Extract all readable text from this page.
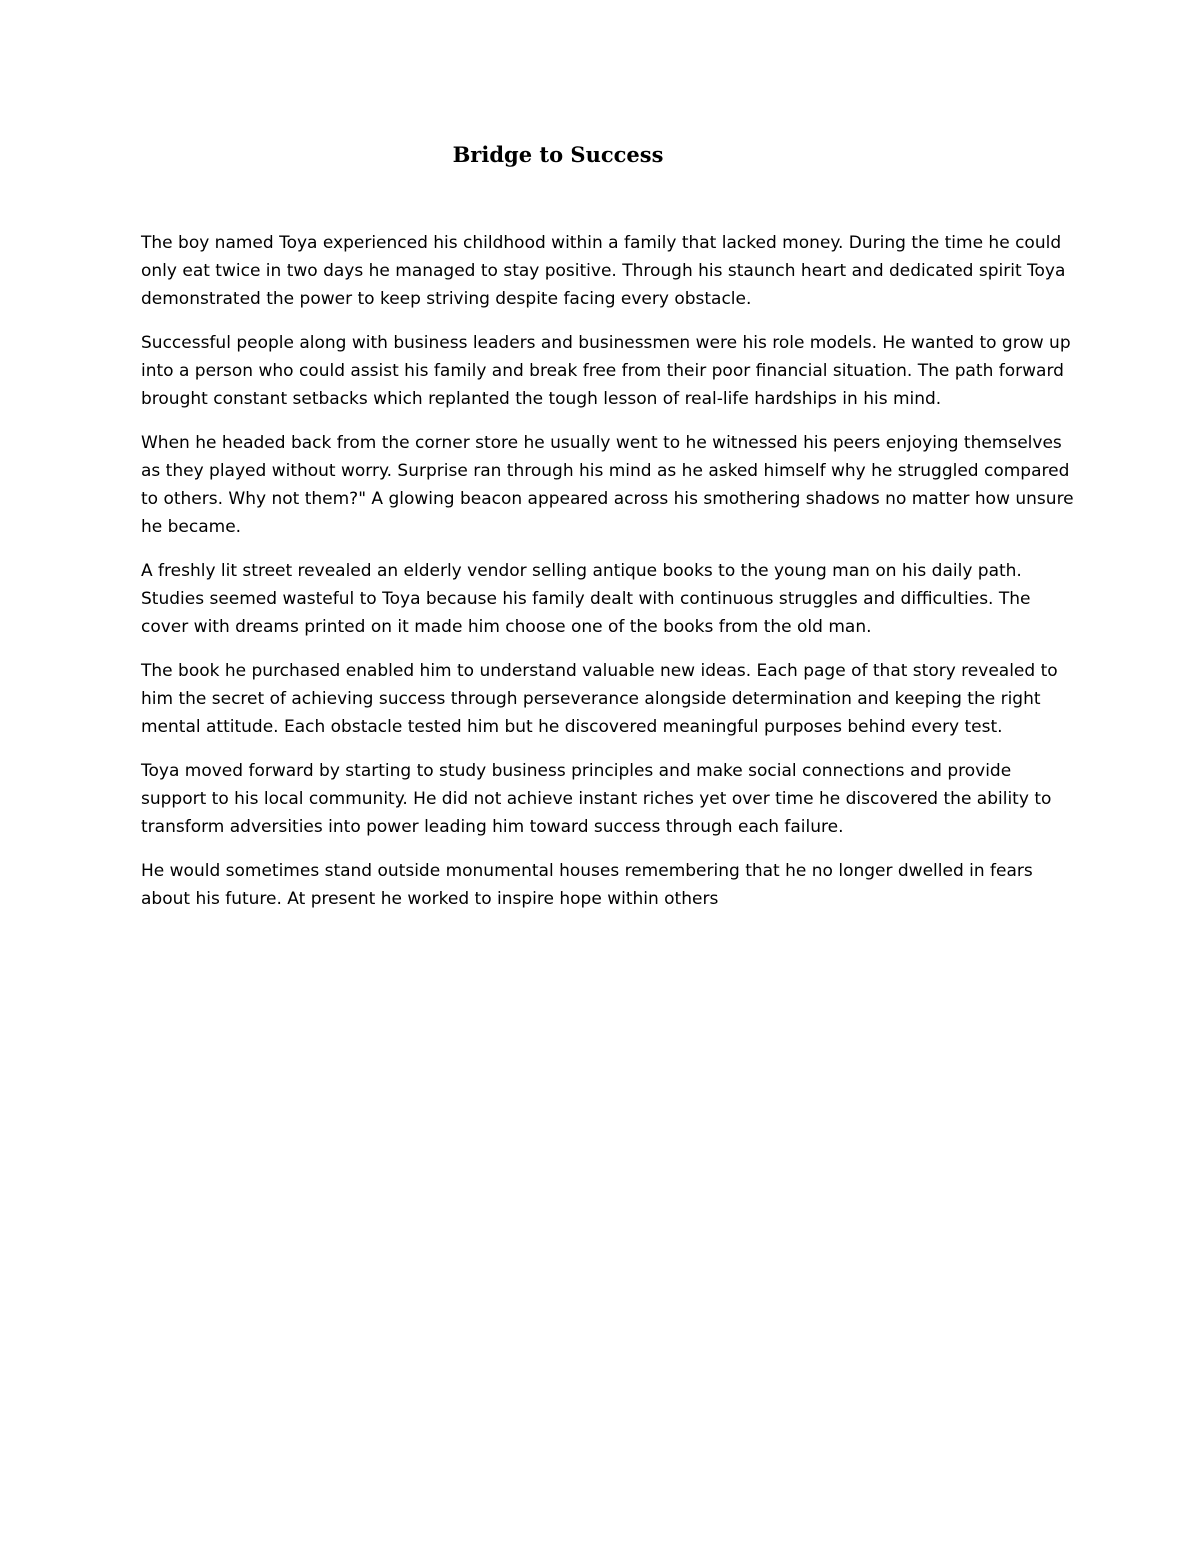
Bridge to Success

The boy named Toya experienced his childhood within a family that lacked money. During the time he could only eat twice in two days he managed to stay positive. Through his staunch heart and dedicated spirit Toya demonstrated the power to keep striving despite facing every obstacle.

Successful people along with business leaders and businessmen were his role models. He wanted to grow up into a person who could assist his family and break free from their poor financial situation. The path forward brought constant setbacks which replanted the tough lesson of real-life hardships in his mind.

When he headed back from the corner store he usually went to he witnessed his peers enjoying themselves as they played without worry. Surprise ran through his mind as he asked himself why he struggled compared to others. Why not them?" A glowing beacon appeared across his smothering shadows no matter how unsure he became.

A freshly lit street revealed an elderly vendor selling antique books to the young man on his daily path. Studies seemed wasteful to Toya because his family dealt with continuous struggles and difficulties. The cover with dreams printed on it made him choose one of the books from the old man.

The book he purchased enabled him to understand valuable new ideas. Each page of that story revealed to him the secret of achieving success through perseverance alongside determination and keeping the right mental attitude. Each obstacle tested him but he discovered meaningful purposes behind every test.

Toya moved forward by starting to study business principles and make social connections and provide support to his local community. He did not achieve instant riches yet over time he discovered the ability to transform adversities into power leading him toward success through each failure.

He would sometimes stand outside monumental houses remembering that he no longer dwelled in fears about his future. At present he worked to inspire hope within others
